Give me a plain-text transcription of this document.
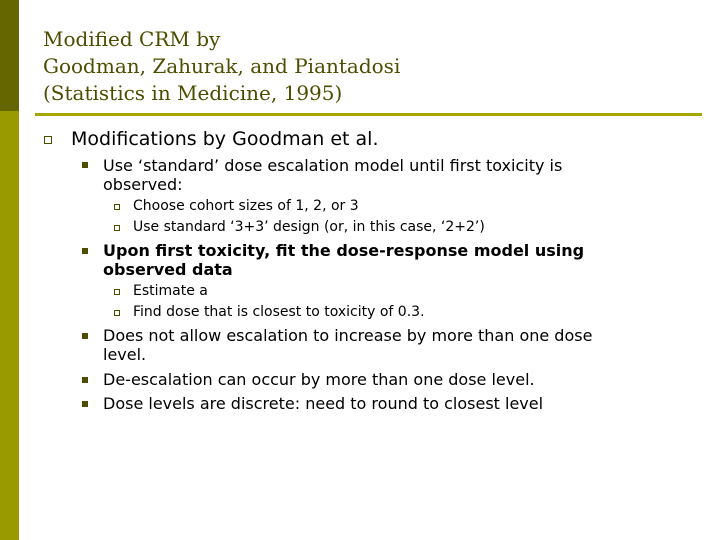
Modified CRM by
Goodman, Zahurak, and Piantadosi
(Statistics in Medicine, 1995)
Modifications by Goodman et al.
Use ‘standard’ dose escalation model until first toxicity is
observed:
Choose cohort sizes of 1, 2, or 3
Use standard ‘3+3’ design (or, in this case, ‘2+2’)
Upon first toxicity, fit the dose-response model using
observed data
Estimate a
Find dose that is closest to toxicity of 0.3.
Does not allow escalation to increase by more than one dose
level.
De-escalation can occur by more than one dose level.
Dose levels are discrete: need to round to closest level
